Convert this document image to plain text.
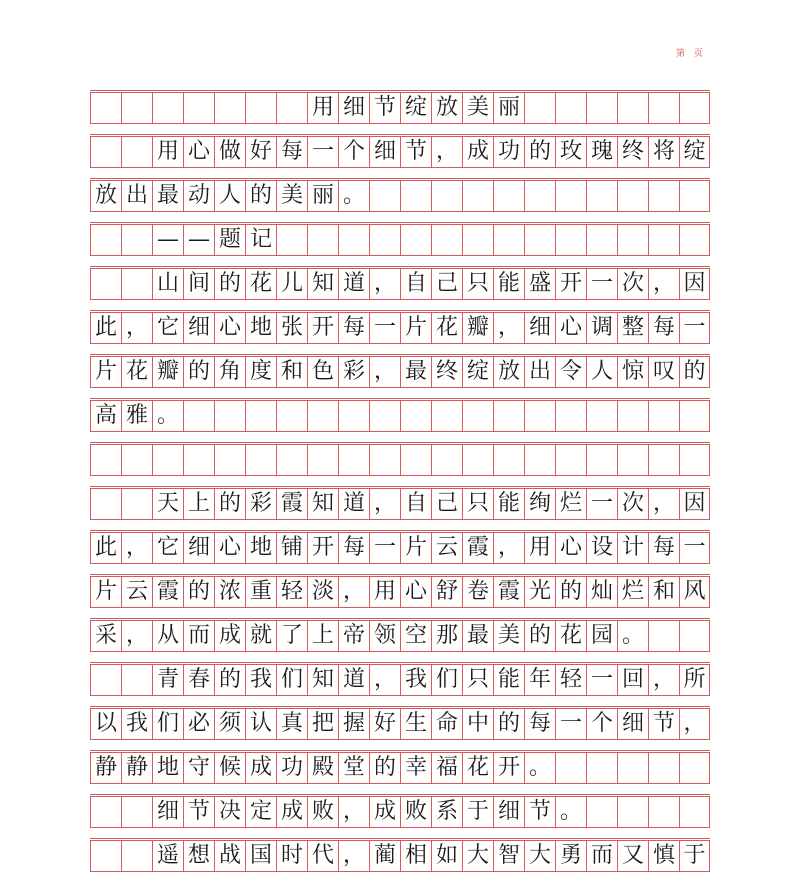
第 页
用 细 节 绽 放 美 丽
用 心 做 好 每 一 个 细 节 ， 成 功 的 玫 瑰 终 将 绽
放 出 最 动 人 的 美 丽 。
— — 题 记
山 间 的 花 儿 知 道 ， 自 己 只 能 盛 开 一 次 ， 因
此 ， 它 细 心 地 张 开 每 一 片 花 瓣 ， 细 心 调 整 每 一
片 花 瓣 的 角 度 和 色 彩 ， 最 终 绽 放 出 令 人 惊 叹 的
高 雅 。
天 上 的 彩 霞 知 道 ， 自 己 只 能 绚 烂 一 次 ， 因
此 ， 它 细 心 地 铺 开 每 一 片 云 霞 ， 用 心 设 计 每 一
片 云 霞 的 浓 重 轻 淡 ， 用 心 舒 卷 霞 光 的 灿 烂 和 风
采 ， 从 而 成 就 了 上 帝 领 空 那 最 美 的 花 园 。
青 春 的 我 们 知 道 ， 我 们 只 能 年 轻 一 回 ， 所
以 我 们 必 须 认 真 把 握 好 生 命 中 的 每 一 个 细 节 ，
静 静 地 守 候 成 功 殿 堂 的 幸 福 花 开 。
细 节 决 定 成 败 ， 成 败 系 于 细 节 。
遥 想 战 国 时 代 ， 蔺 相 如 大 智 大 勇 而 又 慎 于
